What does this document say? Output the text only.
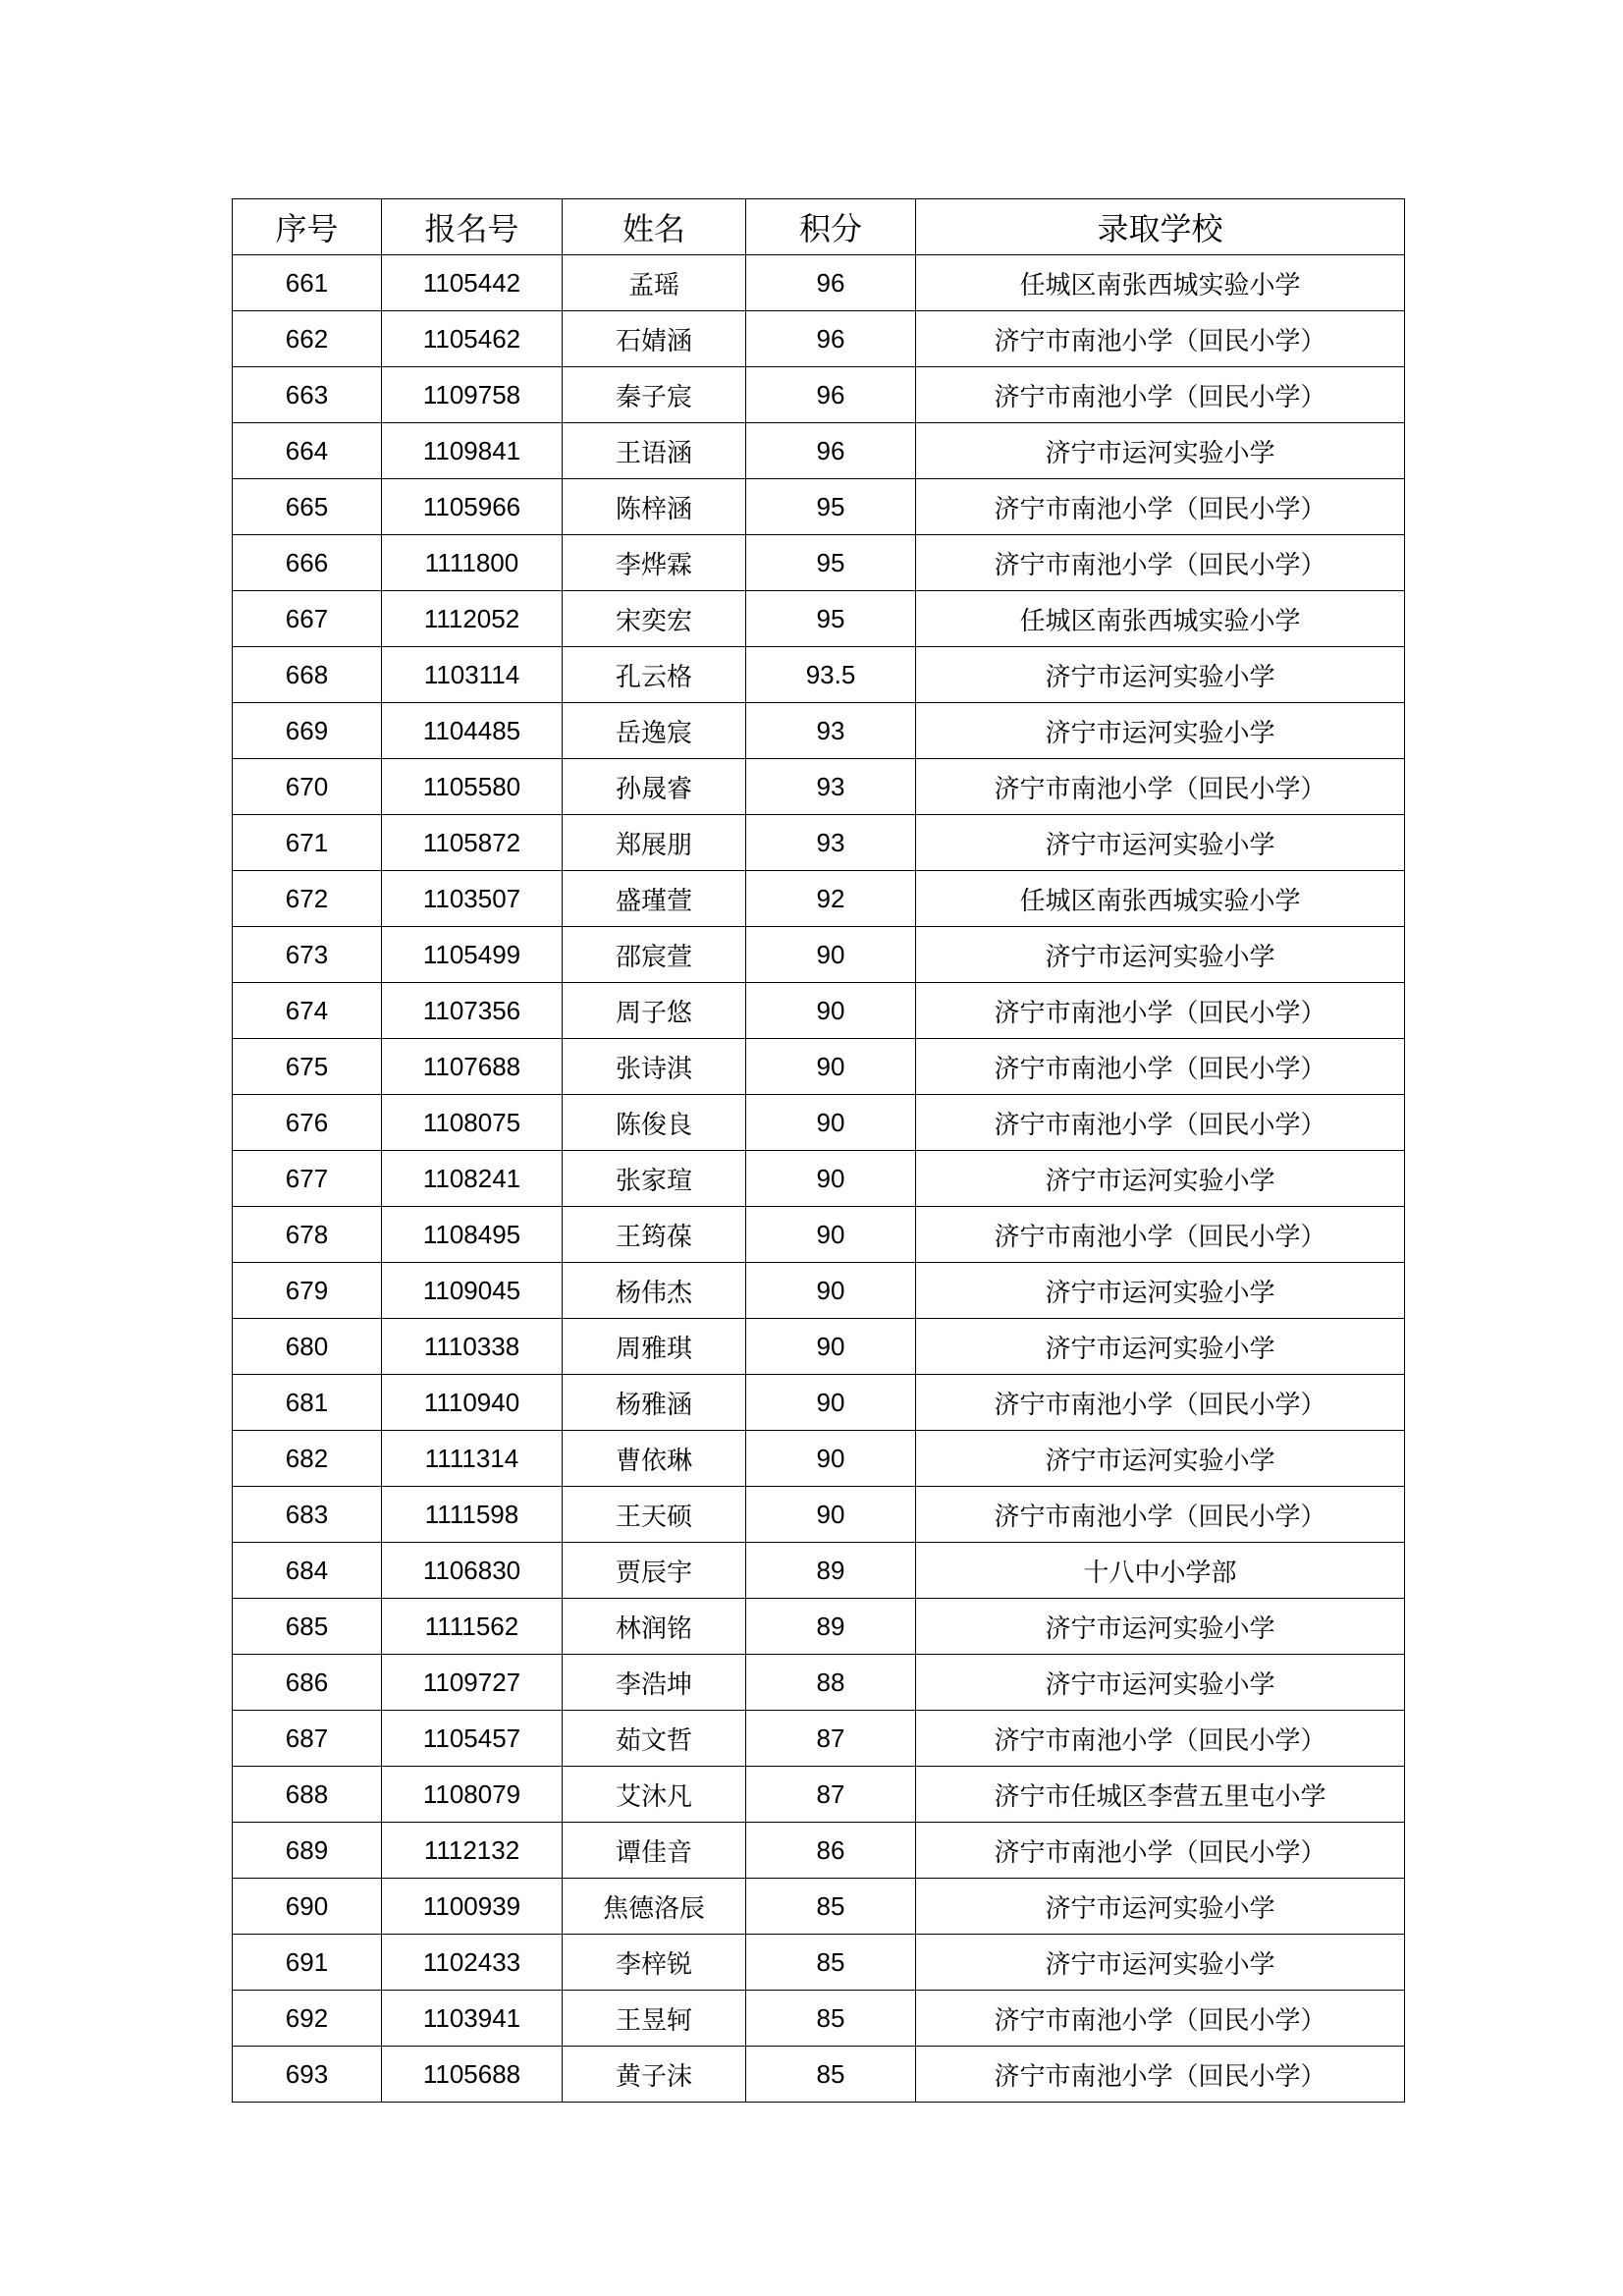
序号	报名号	姓名	积分	录取学校
661	1105442	孟瑶	96	任城区南张西城实验小学
662	1105462	石婧涵	96	济宁市南池小学（回民小学）
663	1109758	秦子宸	96	济宁市南池小学（回民小学）
664	1109841	王语涵	96	济宁市运河实验小学
665	1105966	陈梓涵	95	济宁市南池小学（回民小学）
666	1111800	李烨霖	95	济宁市南池小学（回民小学）
667	1112052	宋奕宏	95	任城区南张西城实验小学
668	1103114	孔云格	93.5	济宁市运河实验小学
669	1104485	岳逸宸	93	济宁市运河实验小学
670	1105580	孙晟睿	93	济宁市南池小学（回民小学）
671	1105872	郑展朋	93	济宁市运河实验小学
672	1103507	盛瑾萱	92	任城区南张西城实验小学
673	1105499	邵宸萱	90	济宁市运河实验小学
674	1107356	周子悠	90	济宁市南池小学（回民小学）
675	1107688	张诗淇	90	济宁市南池小学（回民小学）
676	1108075	陈俊良	90	济宁市南池小学（回民小学）
677	1108241	张家瑄	90	济宁市运河实验小学
678	1108495	王筠葆	90	济宁市南池小学（回民小学）
679	1109045	杨伟杰	90	济宁市运河实验小学
680	1110338	周雅琪	90	济宁市运河实验小学
681	1110940	杨雅涵	90	济宁市南池小学（回民小学）
682	1111314	曹依琳	90	济宁市运河实验小学
683	1111598	王天硕	90	济宁市南池小学（回民小学）
684	1106830	贾辰宇	89	十八中小学部
685	1111562	林润铭	89	济宁市运河实验小学
686	1109727	李浩坤	88	济宁市运河实验小学
687	1105457	茹文哲	87	济宁市南池小学（回民小学）
688	1108079	艾沐凡	87	济宁市任城区李营五里屯小学
689	1112132	谭佳音	86	济宁市南池小学（回民小学）
690	1100939	焦德洛辰	85	济宁市运河实验小学
691	1102433	李梓锐	85	济宁市运河实验小学
692	1103941	王昱轲	85	济宁市南池小学（回民小学）
693	1105688	黄子沫	85	济宁市南池小学（回民小学）
